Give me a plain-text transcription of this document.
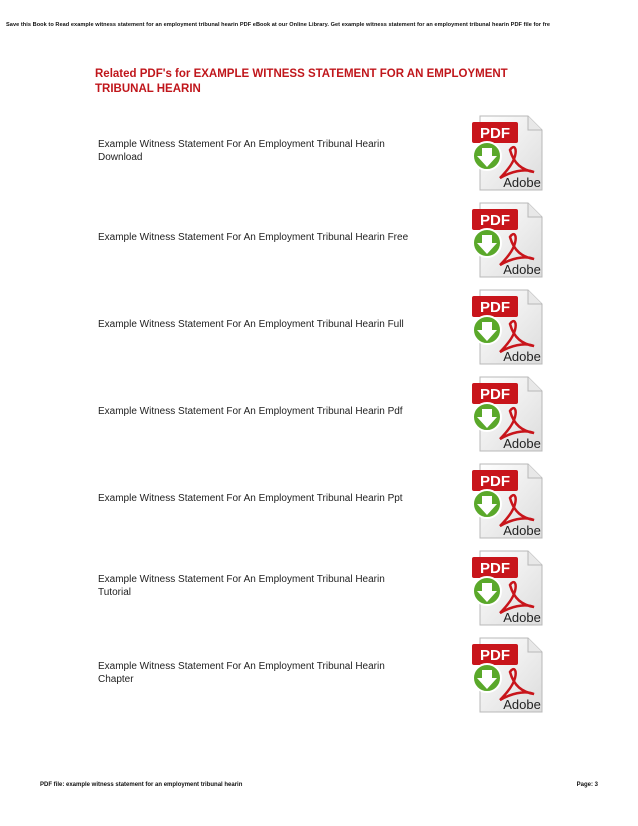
Save this Book to Read example witness statement for an employment tribunal hearin PDF eBook at our Online Library. Get example witness statement for an employment tribunal hearin PDF file for fre
Related PDF's for EXAMPLE WITNESS STATEMENT FOR AN EMPLOYMENT
TRIBUNAL HEARIN
Example Witness Statement For An Employment Tribunal Hearin
Download
PDF
Adobe
Example Witness Statement For An Employment Tribunal Hearin Free
PDF
Adobe
Example Witness Statement For An Employment Tribunal Hearin Full
PDF
Adobe
Example Witness Statement For An Employment Tribunal Hearin Pdf
PDF
Adobe
Example Witness Statement For An Employment Tribunal Hearin Ppt
PDF
Adobe
Example Witness Statement For An Employment Tribunal Hearin
Tutorial
PDF
Adobe
Example Witness Statement For An Employment Tribunal Hearin
Chapter
PDF
Adobe
PDF file: example witness statement for an employment tribunal hearin	Page: 3
